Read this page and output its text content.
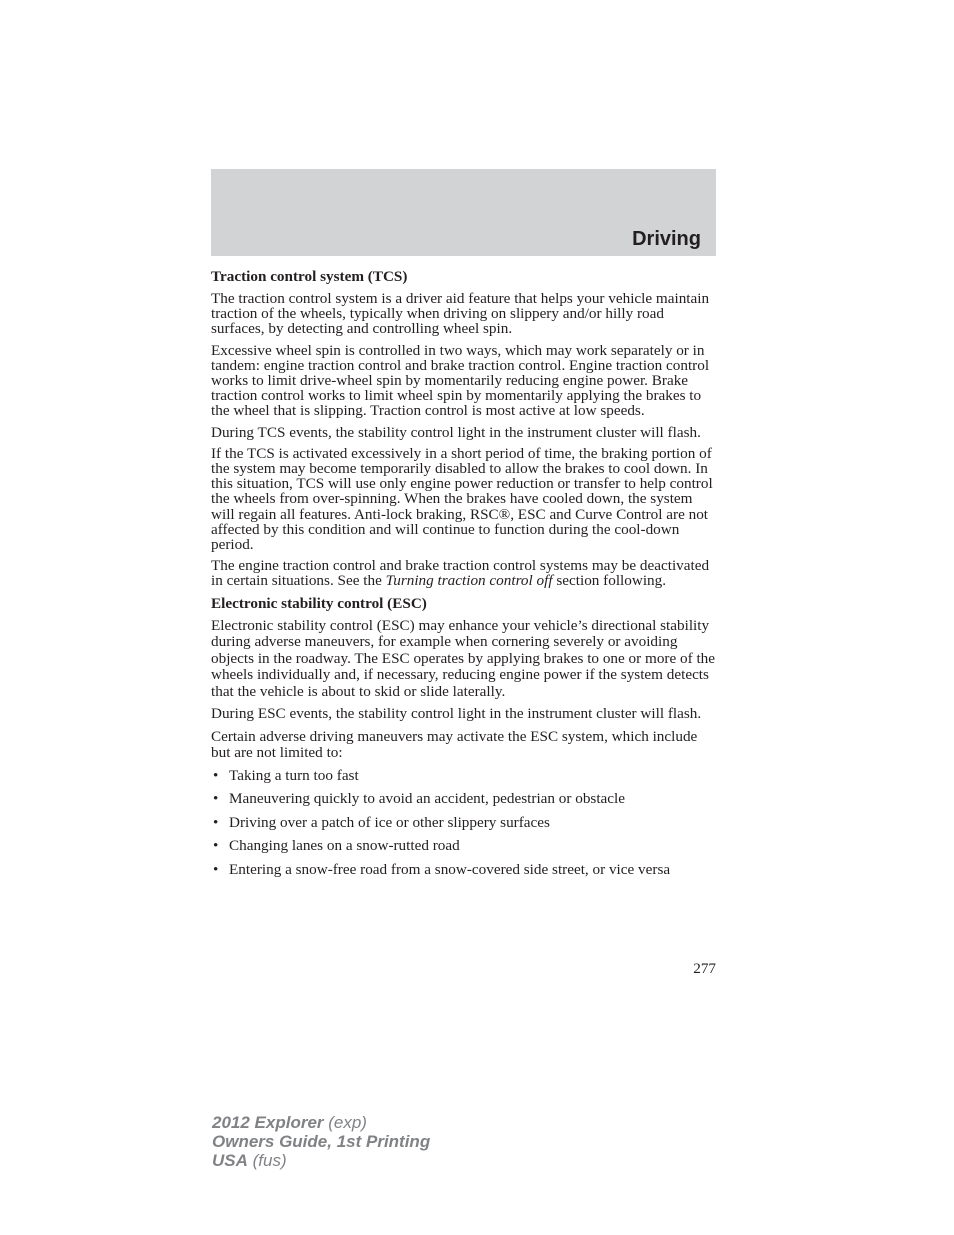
Driving
Traction control system (TCS)

The traction control system is a driver aid feature that helps your vehicle maintain traction of the wheels, typically when driving on slippery and/or hilly road surfaces, by detecting and controlling wheel spin.

Excessive wheel spin is controlled in two ways, which may work separately or in tandem: engine traction control and brake traction control. Engine traction control works to limit drive-wheel spin by momentarily reducing engine power. Brake traction control works to limit wheel spin by momentarily applying the brakes to the wheel that is slipping. Traction control is most active at low speeds.

During TCS events, the stability control light in the instrument cluster will flash.

If the TCS is activated excessively in a short period of time, the braking portion of the system may become temporarily disabled to allow the brakes to cool down. In this situation, TCS will use only engine power reduction or transfer to help control the wheels from over-spinning. When the brakes have cooled down, the system will regain all features. Anti-lock braking, RSC®, ESC and Curve Control are not affected by this condition and will continue to function during the cool-down period.

The engine traction control and brake traction control systems may be deactivated in certain situations. See the Turning traction control off section following.

Electronic stability control (ESC)

Electronic stability control (ESC) may enhance your vehicle’s directional stability during adverse maneuvers, for example when cornering severely or avoiding objects in the roadway. The ESC operates by applying brakes to one or more of the wheels individually and, if necessary, reducing engine power if the system detects that the vehicle is about to skid or slide laterally.

During ESC events, the stability control light in the instrument cluster will flash.

Certain adverse driving maneuvers may activate the ESC system, which include but are not limited to:

• Taking a turn too fast
• Maneuvering quickly to avoid an accident, pedestrian or obstacle
• Driving over a patch of ice or other slippery surfaces
• Changing lanes on a snow-rutted road
• Entering a snow-free road from a snow-covered side street, or vice versa
277
2012 Explorer (exp)
Owners Guide, 1st Printing
USA (fus)
